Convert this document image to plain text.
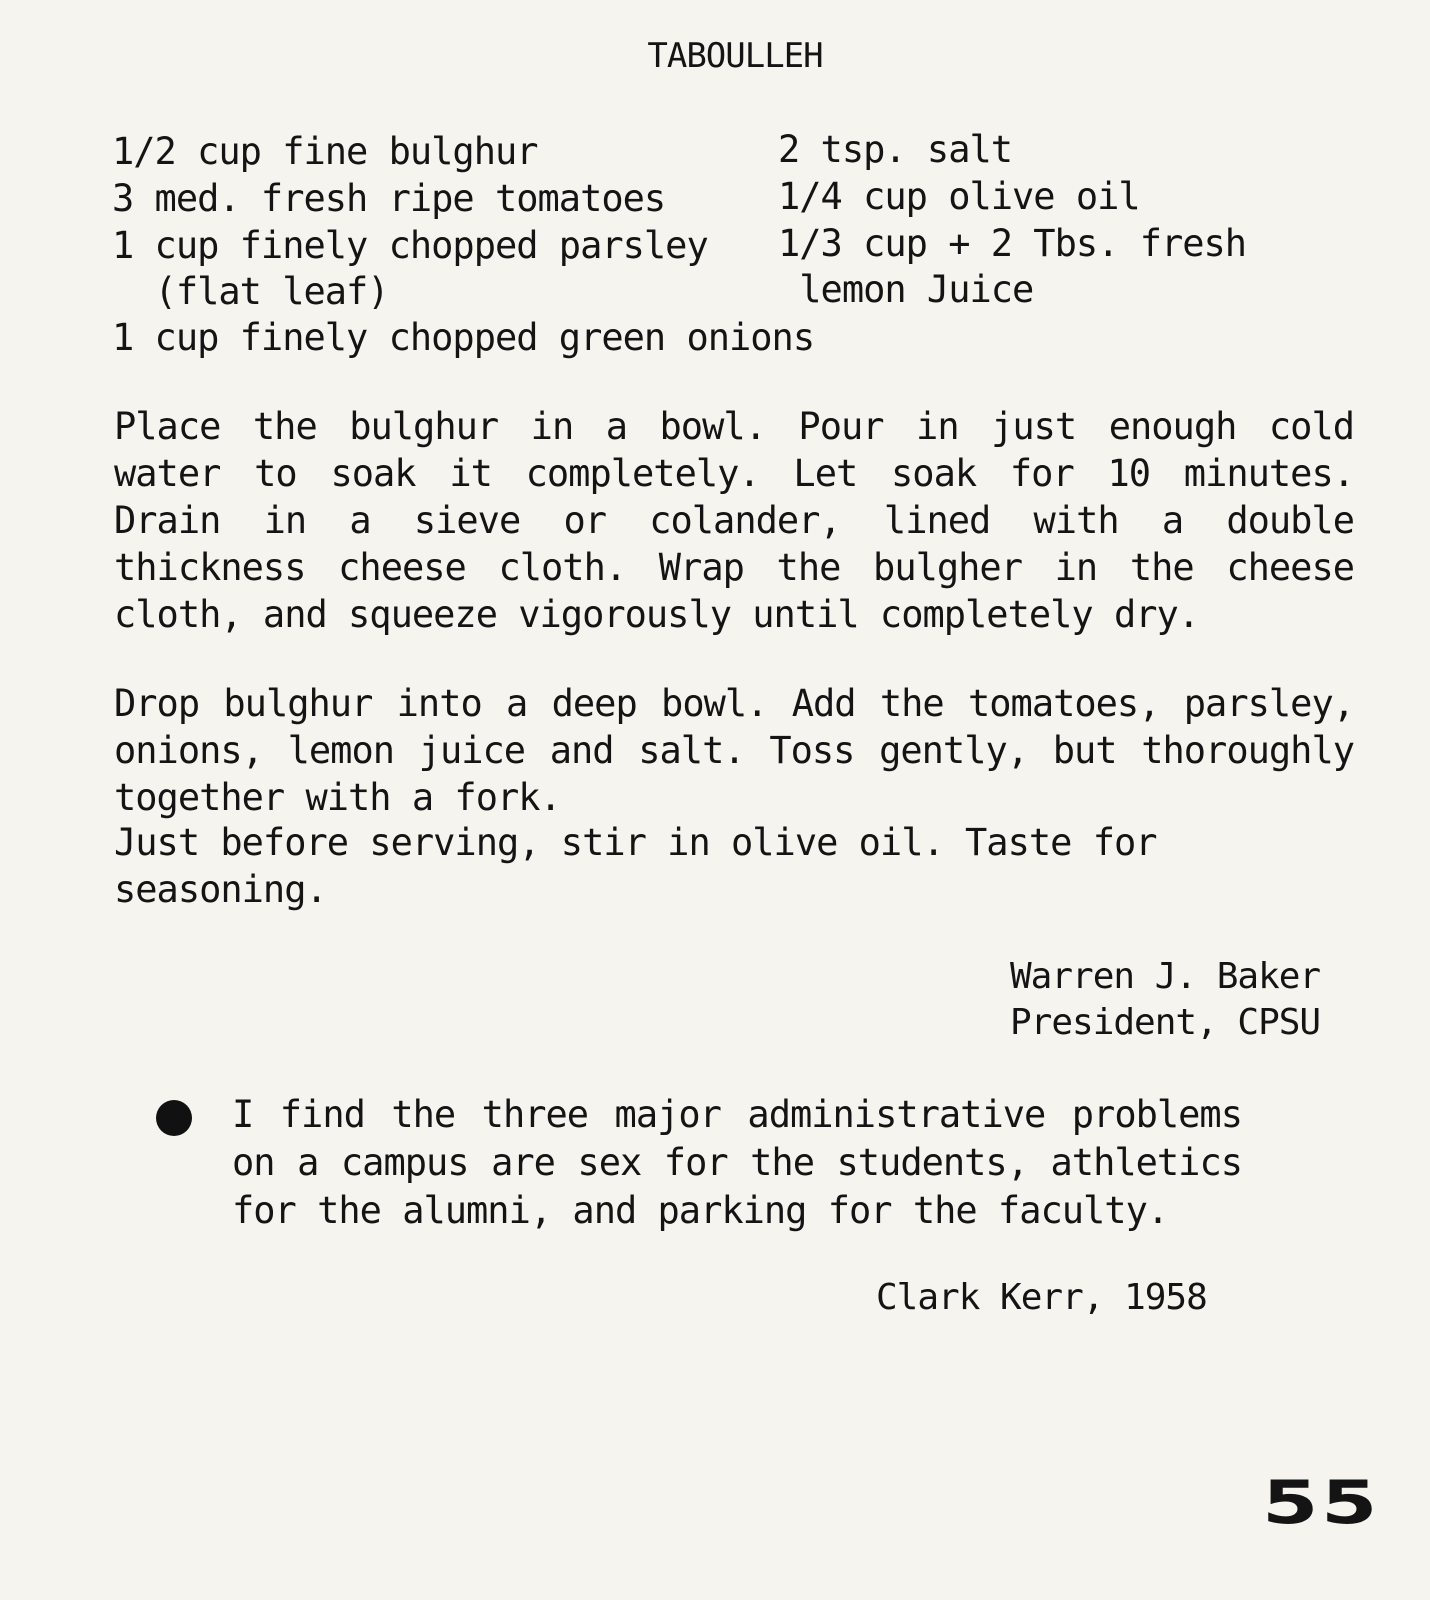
TABOULLEH
1/2 cup fine bulghur
3 med. fresh ripe tomatoes
1 cup finely chopped parsley
(flat leaf)
1 cup finely chopped green onions
2 tsp. salt
1/4 cup olive oil
1/3 cup + 2 Tbs. fresh
lemon Juice

Place the bulghur in a bowl. Pour in just enough cold water to soak it completely. Let soak for 10 minutes. Drain in a sieve or colander, lined with a double thickness cheese cloth. Wrap the bulgher in the cheese cloth, and squeeze vigorously until completely dry.

Drop bulghur into a deep bowl. Add the tomatoes, parsley, onions, lemon juice and salt. Toss gently, but thoroughly together with a fork.

Just before serving, stir in olive oil. Taste for seasoning.

Warren J. Baker
President, CPSU

I find the three major administrative problems on a campus are sex for the students, athletics for the alumni, and parking for the faculty.

Clark Kerr, 1958
55
